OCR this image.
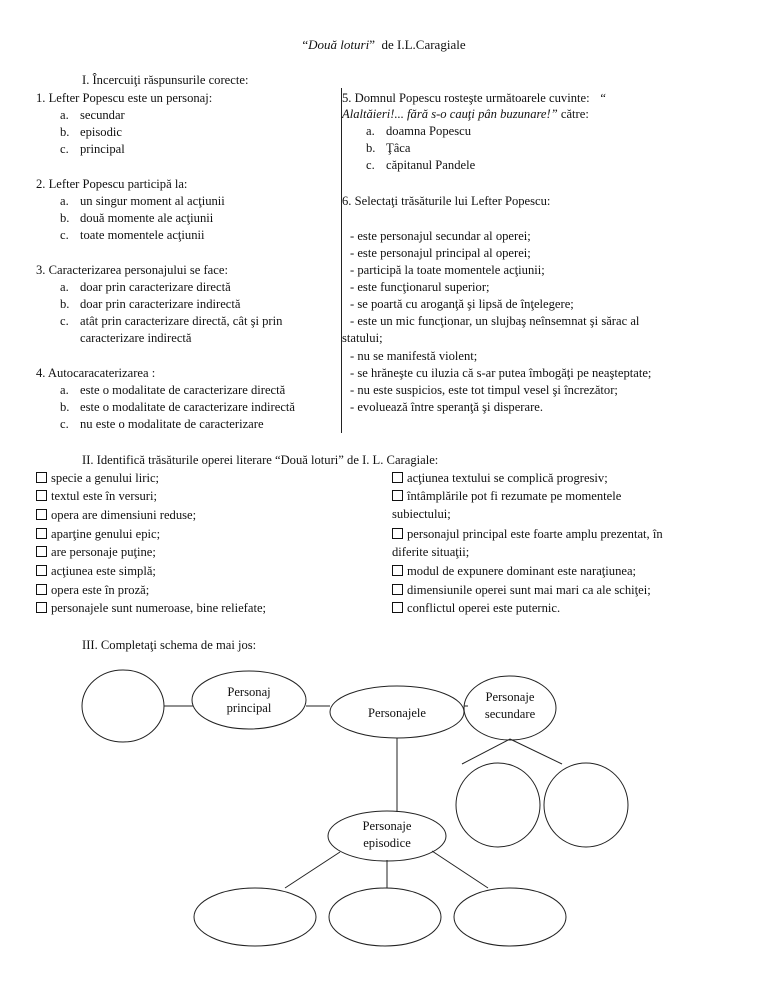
“Două loturi” de I.L.Caragiale
I. Încercuiţi răspunsurile corecte:
1. Lefter Popescu este un personaj:
a. secundar
b. episodic
c. principal
2. Lefter Popescu participă la:
a. un singur moment al acţiunii
b. două momente ale acţiunii
c. toate momentele acţiunii
3. Caracterizarea personajului se face:
a. doar prin caracterizare directă
b. doar prin caracterizare indirectă
c. atât prin caracterizare directă, cât şi prin
caracterizare indirectă
4. Autocaracaterizarea :
a. este o modalitate de caracterizare directă
b. este o modalitate de caracterizare indirectă
c. nu este o modalitate de caracterizare
5. Domnul Popescu rosteşte următoarele cuvinte: “
Alaltăieri!... fără s-o cauţi pân buzunare!” către:
a. doamna Popescu
b. Ţâca
c. căpitanul Pandele
6. Selectaţi trăsăturile lui Lefter Popescu:
- este personajul secundar al operei;
- este personajul principal al operei;
- participă la toate momentele acţiunii;
- este funcţionarul superior;
- se poartă cu aroganţă şi lipsă de înţelegere;
- este un mic funcţionar, un slujbaş neînsemnat şi sărac al
statului;
- nu se manifestă violent;
- se hrăneşte cu iluzia că s-ar putea îmbogăţi pe neaşteptate;
- nu este suspicios, este tot timpul vesel şi încrezător;
- evoluează între speranţă şi disperare.
II. Identifică trăsăturile operei literare “Două loturi” de I. L. Caragiale:
specie a genului liric;
textul este în versuri;
opera are dimensiuni reduse;
aparţine genului epic;
are personaje puţine;
acţiunea este simplă;
opera este în proză;
personajele sunt numeroase, bine reliefate;
acţiunea textului se complică progresiv;
întâmplările pot fi rezumate pe momentele
subiectului;
personajul principal este foarte amplu prezentat, în
diferite situaţii;
modul de expunere dominant este naraţiunea;
dimensiunile operei sunt mai mari ca ale schiţei;
conflictul operei este puternic.
III. Completaţi schema de mai jos:
Personaj
principal	Personajele
Personaje
secundare
Personaje
episodice
